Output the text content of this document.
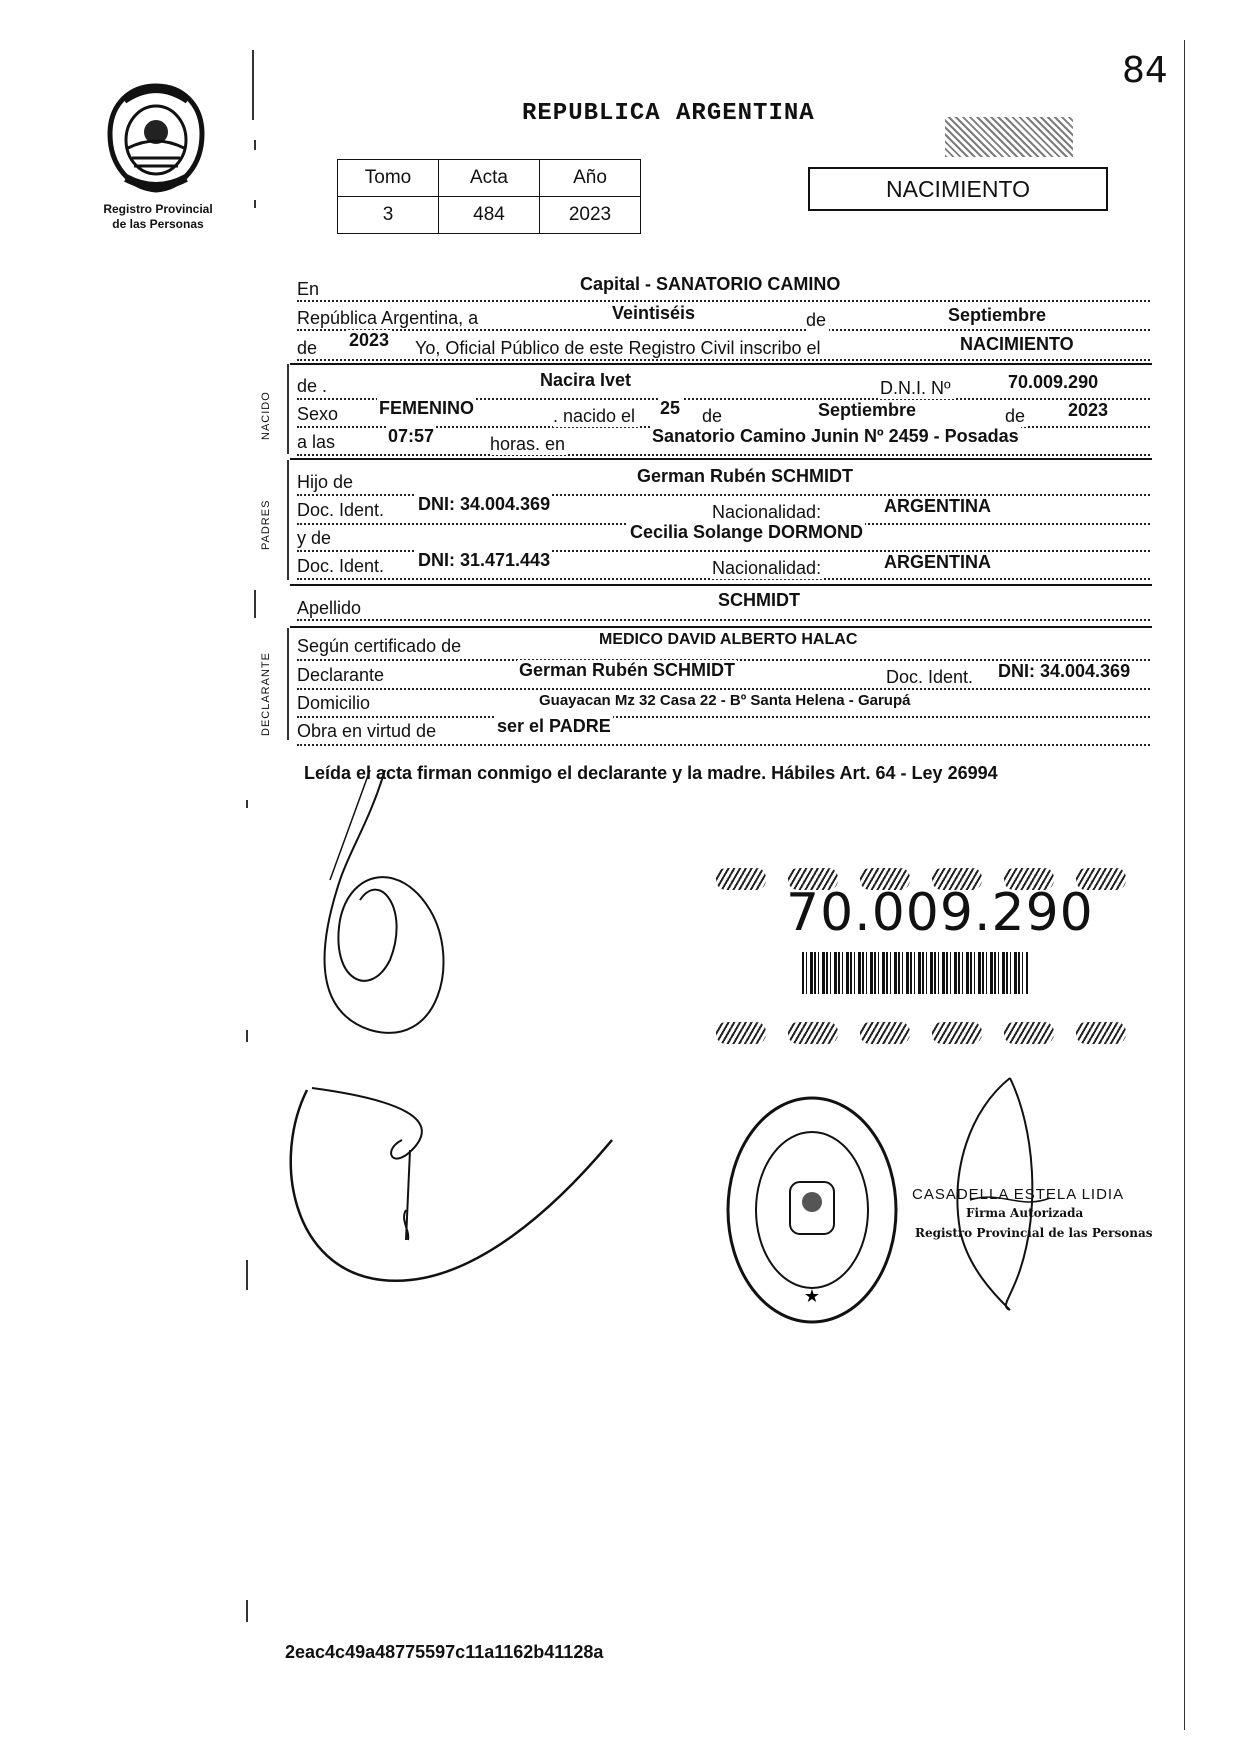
84
Registro Provincial
de las Personas
REPUBLICA ARGENTINA
NACIMIENTO
Tomo	Acta	Año
3	484	2023
NACIDO
PADRES
DECLARANTE
En	Capital - SANATORIO CAMINO
República Argentina, a	Veintiséis	de	Septiembre
de 2023 Yo, Oficial Público de este Registro Civil inscribo el	NACIMIENTO
de .	Nacira Ivet	D.N.I. Nº	70.009.290
Sexo FEMENINO	. nacido el 25 de	Septiembre	de 2023
a las	07:57	horas. en	Sanatorio Camino Junin Nº 2459 - Posadas
Hijo de	German Rubén SCHMIDT
Doc. Ident. DNI: 34.004.369	Nacionalidad:	ARGENTINA
y de	Cecilia Solange DORMOND
Doc. Ident. DNI: 31.471.443	Nacionalidad:	ARGENTINA
Apellido	SCHMIDT
Según certificado de	MEDICO DAVID ALBERTO HALAC
Declarante	German Rubén SCHMIDT	Doc. Ident. DNI: 34.004.369
Domicilio	Guayacan Mz 32 Casa 22 - Bº Santa Helena - Garupá
Obra en virtud de	ser el PADRE
Leída el acta firman conmigo el declarante y la madre. Hábiles Art. 64 - Ley 26994
70.009.290
★
CASADELLA ESTELA LIDIA
Firma Autorizada
Registro Provincial de las Personas
2eac4c49a48775597c11a1162b41128a
